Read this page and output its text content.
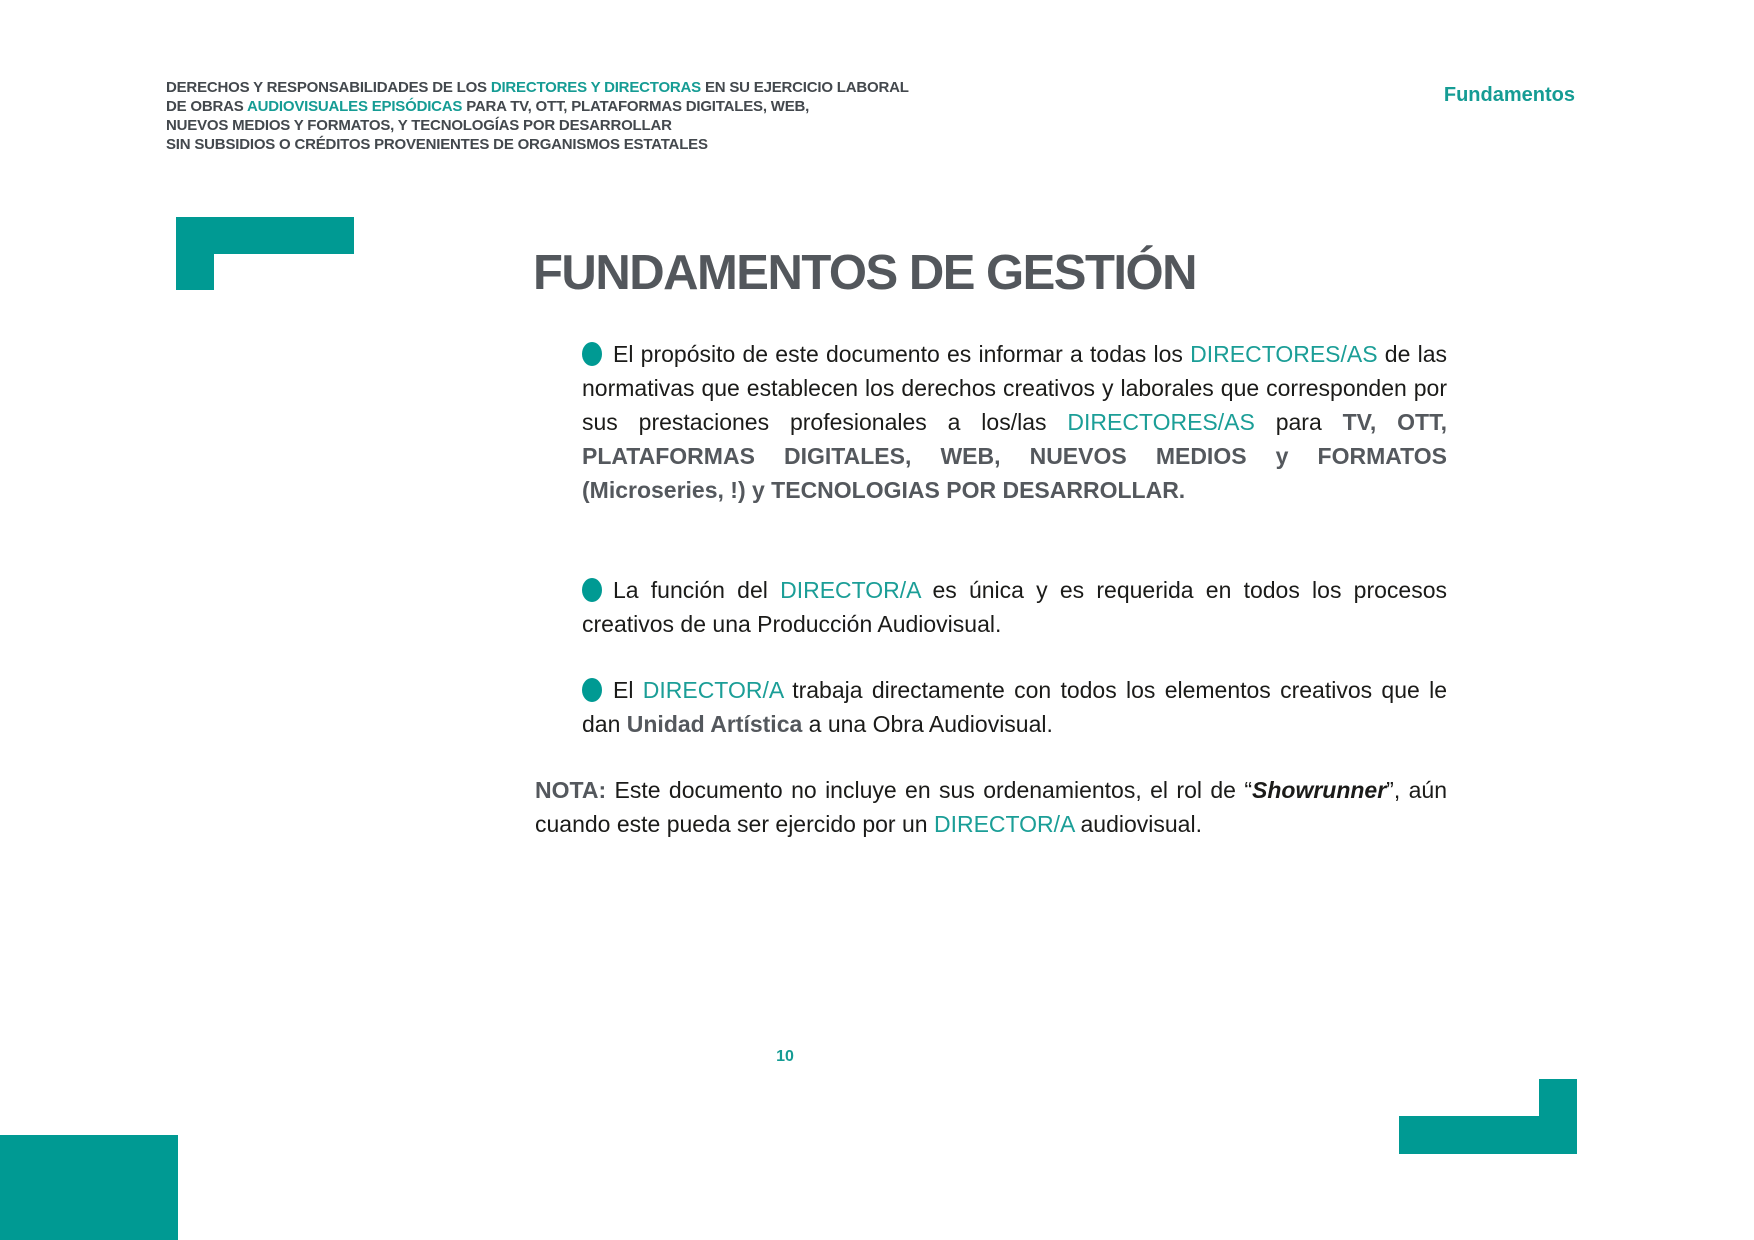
DERECHOS Y RESPONSABILIDADES DE LOS DIRECTORES Y DIRECTORAS EN SU EJERCICIO LABORAL
DE OBRAS AUDIOVISUALES EPISÓDICAS PARA TV, OTT, PLATAFORMAS DIGITALES, WEB,
NUEVOS MEDIOS Y FORMATOS, Y TECNOLOGÍAS POR DESARROLLAR
SIN SUBSIDIOS O CRÉDITOS PROVENIENTES DE ORGANISMOS ESTATALES
Fundamentos
FUNDAMENTOS DE GESTIÓN

El propósito de este documento es informar a todas los DIRECTORES/AS de las normativas que establecen los derechos creativos y laborales que corresponden por sus prestaciones profesionales a los/las DIRECTORES/AS para TV, OTT, PLATAFORMAS DIGITALES, WEB, NUEVOS MEDIOS y FORMATOS (Microseries, !) y TECNOLOGIAS POR DESARROLLAR.

La función del DIRECTOR/A es única y es requerida en todos los procesos creativos de una Producción Audiovisual.

El DIRECTOR/A trabaja directamente con todos los elementos creativos que le dan Unidad Artística a una Obra Audiovisual.

NOTA: Este documento no incluye en sus ordenamientos, el rol de “Showrunner”, aún cuando este pueda ser ejercido por un DIRECTOR/A audiovisual.

10
